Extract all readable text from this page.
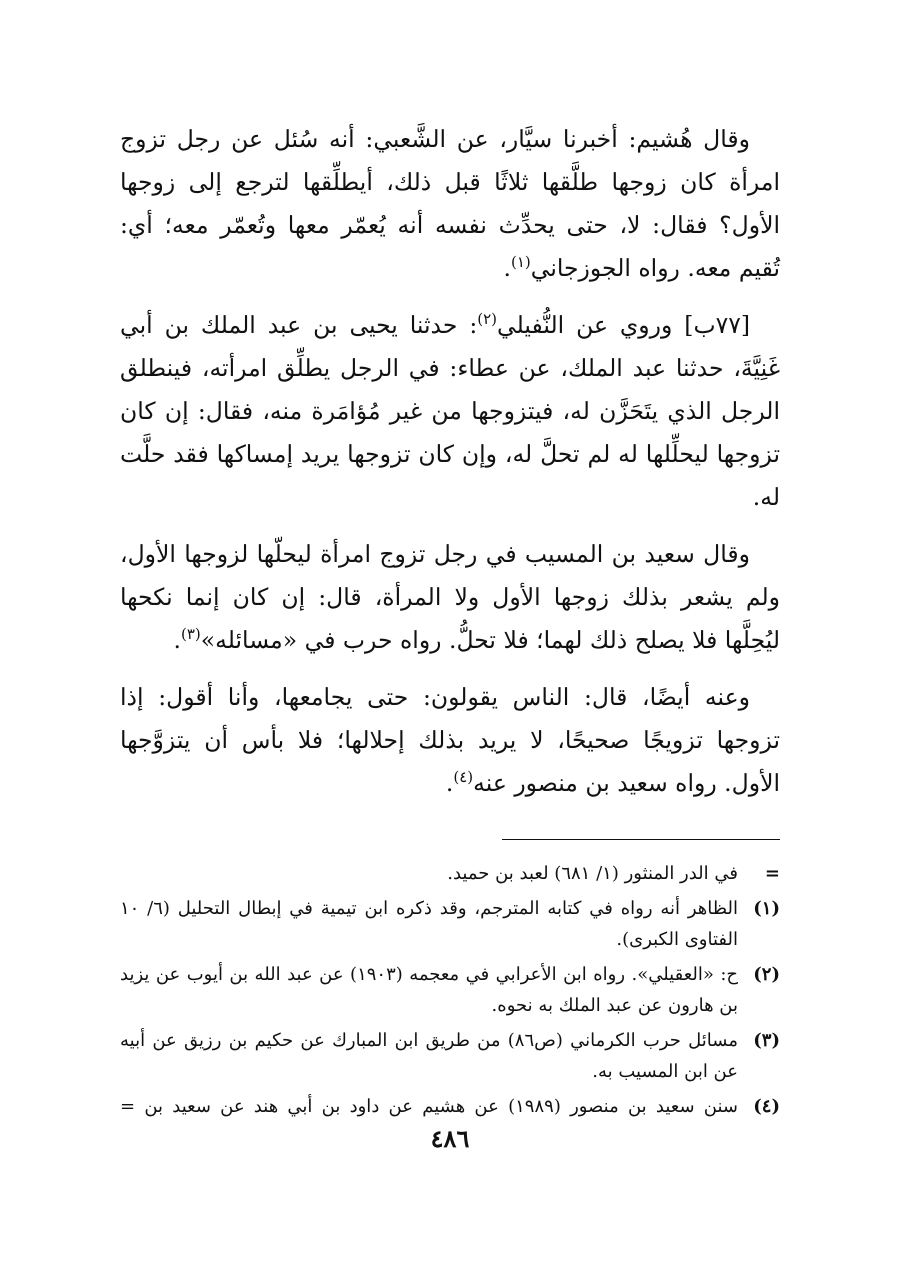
وقال هُشيم: أخبرنا سيَّار، عن الشَّعبي: أنه سُئل عن رجل تزوج امرأة كان زوجها طلَّقها ثلاثًا قبل ذلك، أيطلِّقها لترجع إلى زوجها الأول؟ فقال: لا، حتى يحدِّث نفسه أنه يُعمّر معها وتُعمّر معه؛ أي: تُقيم معه. رواه الجوزجاني$^{(١)}$.

[٧٧ب] وروي عن النُّفيلي$^{(٢)}$: حدثنا يحيى بن عبد الملك بن أبي غَنِيَّةَ، حدثنا عبد الملك، عن عطاء: في الرجل يطلِّق امرأته، فينطلق الرجل الذي يتَحَزَّن له، فيتزوجها من غير مُؤامَرة منه، فقال: إن كان تزوجها ليحلِّلها له لم تحلَّ له، وإن كان تزوجها يريد إمساكها فقد حلَّت له.

وقال سعيد بن المسيب في رجل تزوج امرأة ليحلّها لزوجها الأول، ولم يشعر بذلك زوجها الأول ولا المرأة، قال: إن كان إنما نكحها ليُحِلَّها فلا يصلح ذلك لهما؛ فلا تحلُّ. رواه حرب في «مسائله»$^{(٣)}$.

وعنه أيضًا، قال: الناس يقولون: حتى يجامعها، وأنا أقول: إذا تزوجها تزويجًا صحيحًا، لا يريد بذلك إحلالها؛ فلا بأس أن يتزوَّجها الأول. رواه سعيد بن منصور عنه$^{(٤)}$.

=
في الدر المنثور (١/ ٦٨١) لعبد بن حميد.
(١)
الظاهر أنه رواه في كتابه المترجم، وقد ذكره ابن تيمية في إبطال التحليل (٦/ ١٠ الفتاوى الكبرى).
(٢)
ح: «العقيلي». رواه ابن الأعرابي في معجمه (١٩٠٣) عن عبد الله بن أيوب عن يزيد بن هارون عن عبد الملك به نحوه.
(٣)
مسائل حرب الكرماني (ص٨٦) من طريق ابن المبارك عن حكيم بن رزيق عن أبيه عن ابن المسيب به.
(٤)
سنن سعيد بن منصور (١٩٨٩) عن هشيم عن داود بن أبي هند عن سعيد بن =
٤٨٦
